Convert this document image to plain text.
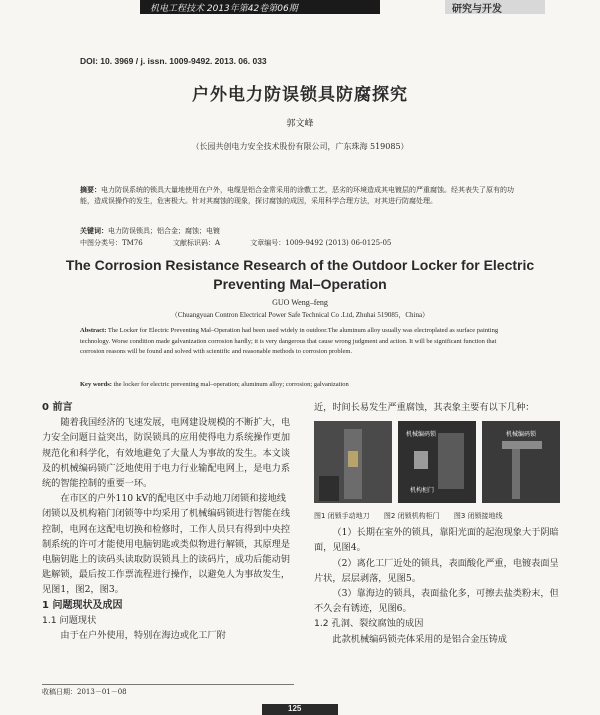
机电工程技术 2013年第42卷第06期	研究与开发
DOI: 10. 3969 / j. issn. 1009-9492. 2013. 06. 033
户外电力防误锁具防腐探究
郭文峰
（长园共创电力安全技术股份有限公司，广东珠海 519085）
摘要：电力防误系统的锁具大量地使用在户外，电缆是铝合金常采用的涂敷工艺，恶劣的环境造成其电镀层的严重腐蚀。经其表失了原有的功能，造成误操作的发生，危害极大。针对其腐蚀的现象，探讨腐蚀的成因，采用科学合理方法，对其进行防腐处理。
关键词：电力防误锁具；铝合金；腐蚀；电镀
中图分类号：TM76	文献标识码：A	文章编号：1009-9492 (2013) 06-0125-05
The Corrosion Resistance Research of the Outdoor Locker for Electric Preventing Mal–Operation
GUO Weng–feng
（Chuangyuan Contron Electrical Power Safe Technical Co .Ltd, Zhuhai 519085，China）
Abstract: The Locker for Electric Preventing Mal–Operation had been used widely in outdoor.The aluminum alloy usually was electroplated as surface painting technology. Worse condition made galvanization corrosion hardly; it is very dangerous that cause wrong judgment and action. It will be significant function that corrosion reasons will be found and solved with scientific and reasonable methods to corrosion problem.
Key words: the locker for electric preventing mal–operation; aluminum alloy; corrosion; galvanization
0 前言

随着我国经济的飞速发展，电网建设规模的不断扩大，电力安全问题日益突出，防误锁具的应用使得电力系统操作更加规范化和科学化，有效地避免了大量人为事故的发生。本文谈及的机械编码锁广泛地使用于电力行业输配电网上，是电力系统的智能控制的重要一环。

在市区的户外110 kV的配电区中手动地刀闭锁和接地线闭锁以及机构箱门闭锁等中均采用了机械编码锁进行智能在线控制，电网在这配电切换和检修时，工作人员只有得到中央控制系统的许可才能使用电脑钥匙或类似物进行解锁，其原理是电脑钥匙上的读码头读取防误锁具上的读码片，成功后能动钥匙解锁，最后按工作票流程进行操作，以避免人为事故发生，见图1，图2，图3。

1 问题现状及成因
1.1 问题现状

由于在户外使用，特别在海边或化工厂附

近，时间长易发生严重腐蚀，其表象主要有以下几种：

机械编码锁
机构柜门
机械编码锁
图1 闭锁手动地刀 图2 闭锁机构柜门 图3 闭锁接地线

（1）长期在室外的锁具，靠阳光面的起泡现象大于阴暗面，见图4。

（2）离化工厂近处的锁具，表面酸化严重，电镀表面呈片状，层层剥落，见图5。

（3）靠海边的锁具，表面盐化多，可擦去盐类粉末，但不久会有锈迹，见图6。

1.2 孔洞、裂纹腐蚀的成因

此款机械编码锁壳体采用的是铝合金压铸成

收稿日期：2013－01－08
125
